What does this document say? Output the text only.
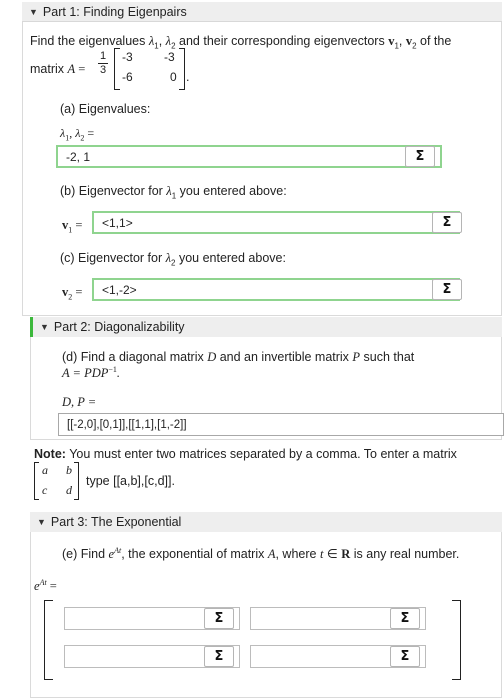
▼ Part 1: Finding Eigenpairs
Find the eigenvalues $\lambda_1$, $\lambda_2$ and their corresponding eigenvectors $v_1$, $v_2$ of the
matrix A =
1
3
-3	-3
-6	0 .
(a) Eigenvalues:
$\lambda_1$, $\lambda_2$ =
-2, 1	Σ
(b) Eigenvector for $\lambda_1$ you entered above:
$v_1$ =	<1,1>	Σ
(c) Eigenvector for $\lambda_2$ you entered above:
$v_2$ =	<1,-2>	Σ
▼ Part 2: Diagonalizability
(d) Find a diagonal matrix D and an invertible matrix P such that
$A = PDP^{-1}$.
D, P =
[[-2,0],[0,1]],[[1,1],[1,-2]]
Note: You must enter two matrices separated by a comma. To enter a matrix
a b
c d
type [[a,b],[c,d]].
▼ Part 3: The Exponential
(e) Find $e^{At}$, the exponential of matrix A, where t ∈ R is any real number.
$e^{At}$ =
Σ	Σ
Σ	Σ
